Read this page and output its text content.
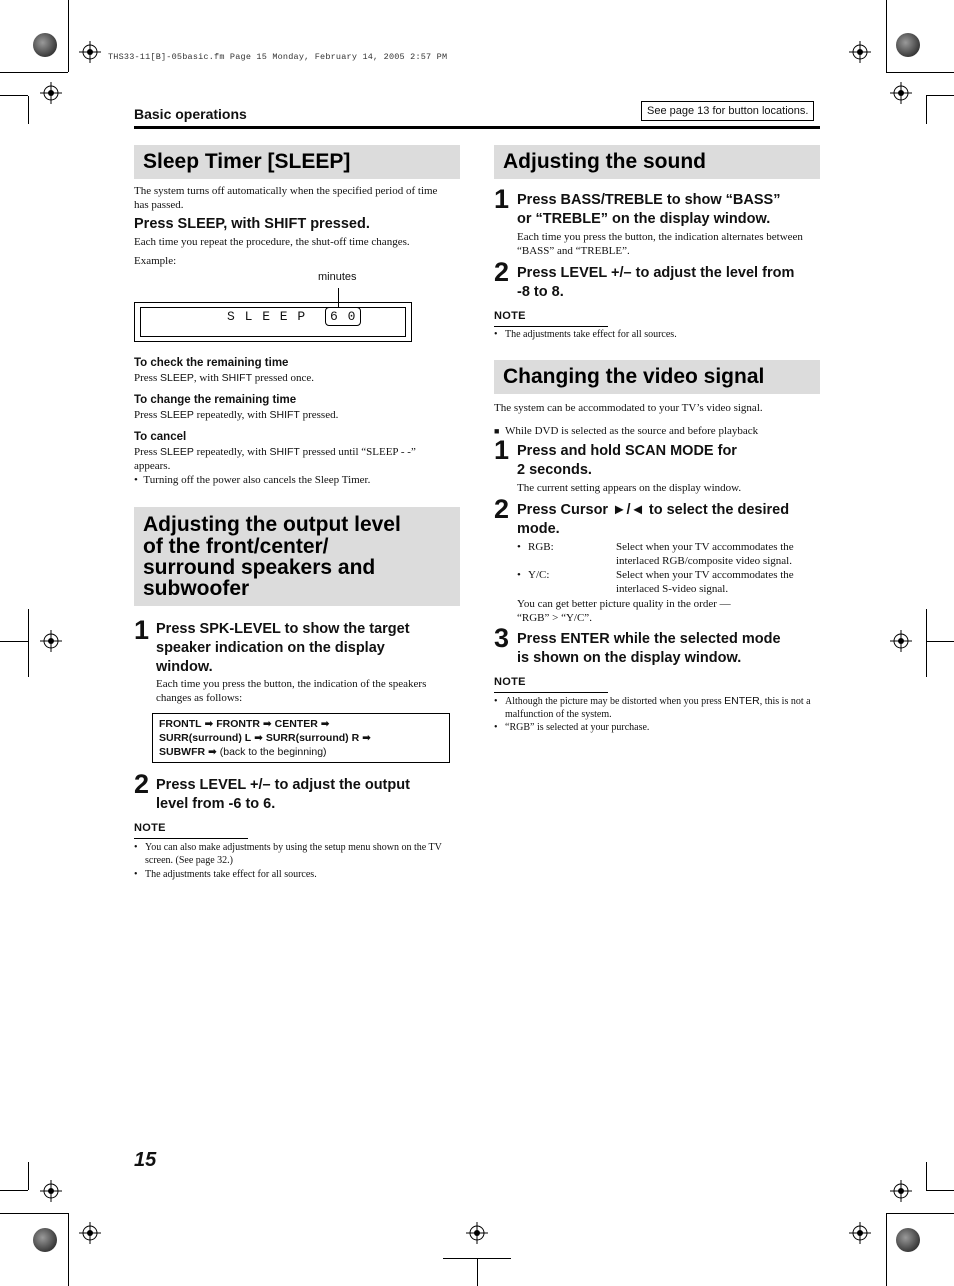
THS33-11[B]-05basic.fm Page 15 Monday, February 14, 2005 2:57 PM
Basic operations	See page 13 for button locations.
Sleep Timer [SLEEP]
The system turns off automatically when the specified period of time has passed.
Press SLEEP, with SHIFT pressed.
Each time you repeat the procedure, the shut-off time changes.
Example:
minutes
S L E E P	6 0
To check the remaining time
Press SLEEP, with SHIFT pressed once.
To change the remaining time
Press SLEEP repeatedly, with SHIFT pressed.
To cancel
Press SLEEP repeatedly, with SHIFT pressed until “SLEEP - -” appears.
•  Turning off the power also cancels the Sleep Timer.
Adjusting the output level
of the front/center/
surround speakers and
subwoofer
1 Press SPK-LEVEL to show the target
speaker indication on the display
window.
Each time you press the button, the indication of the speakers changes as follows:
FRONTL ➡ FRONTR ➡ CENTER ➡
SURR(surround) L ➡ SURR(surround) R ➡
SUBWFR ➡ (back to the beginning)
2 Press LEVEL +/– to adjust the output
level from -6 to 6.
NOTE
• You can also make adjustments by using the setup menu shown on the TV screen. (See page 32.)
• The adjustments take effect for all sources.
Adjusting the sound
1 Press BASS/TREBLE to show “BASS”
or “TREBLE” on the display window.
Each time you press the button, the indication alternates between “BASS” and “TREBLE”.
2 Press LEVEL +/– to adjust the level from
-8 to 8.
NOTE
• The adjustments take effect for all sources.
Changing the video signal
The system can be accommodated to your TV’s video signal.
■ While DVD is selected as the source and before playback
1 Press and hold SCAN MODE for
2 seconds.
The current setting appears on the display window.
2 Press Cursor ►/◄ to select the desired
mode.
• RGB:	Select when your TV accommodates the
interlaced RGB/composite video signal.
• Y/C:	Select when your TV accommodates the
interlaced S-video signal.
You can get better picture quality in the order —
“RGB” > “Y/C”.
3 Press ENTER while the selected mode
is shown on the display window.
NOTE
• Although the picture may be distorted when you press ENTER, this is not a malfunction of the system.
• “RGB” is selected at your purchase.
15
